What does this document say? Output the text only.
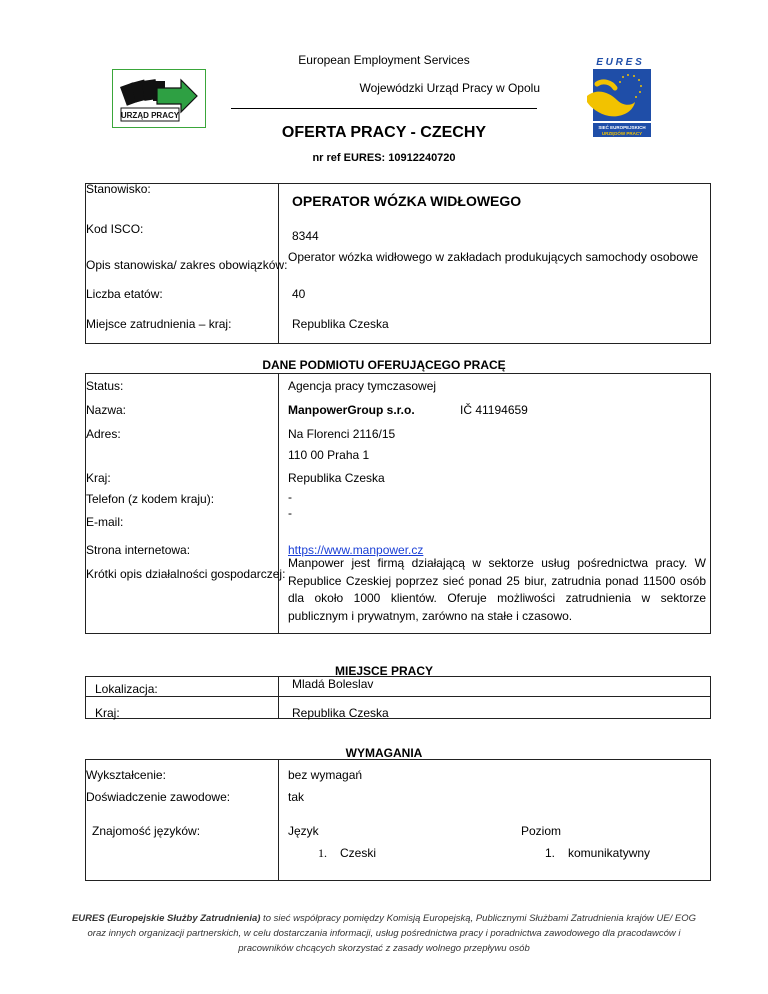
European Employment Services
Wojewódzki Urząd Pracy w Opolu
URZĄD PRACY
E U R E S
SIEĆ EUROPEJSKICH
URZĘDÓW PRACY
OFERTA PRACY - CZECHY
nr ref EURES: 10912240720
Stanowisko:
OPERATOR WÓZKA WIDŁOWEGO
Kod ISCO:	8344
Opis stanowiska/ zakres obowiązków:
Operator wózka widłowego w zakładach produkujących samochody osobowe
Liczba etatów:	40
Miejsce zatrudnienia – kraj:	Republika Czeska
DANE PODMIOTU OFERUJĄCEGO PRACĘ
Status:	Agencja pracy tymczasowej
Nazwa:	ManpowerGroup s.r.o.	IČ 41194659
Adres:	Na Florenci 2116/15
110 00 Praha 1
Kraj:	Republika Czeska
Telefon (z kodem kraju):	-
E-mail:
-
Strona internetowa:	https://www.manpower.cz
Krótki opis działalności gospodarczej:
Manpower jest firmą działającą w sektorze usług pośrednictwa pracy. W Republice Czeskiej poprzez sieć ponad 25 biur, zatrudnia ponad 11500 osób dla około 1000 klientów. Oferuje możliwości zatrudnienia w sektorze publicznym i prywatnym, zarówno na stałe i czasowo.
MIEJSCE PRACY
Lokalizacja:	Mladá Boleslav
Kraj:	Republika Czeska
WYMAGANIA
Wykształcenie:	bez wymagań
Doświadczenie zawodowe:	tak
Znajomość języków:	Język	Poziom
1. Czeski	1. komunikatywny
EURES (Europejskie Służby Zatrudnienia) to sieć współpracy pomiędzy Komisją Europejską, Publicznymi Służbami Zatrudnienia krajów UE/ EOG
oraz innych organizacji partnerskich, w celu dostarczania informacji, usług pośrednictwa pracy i poradnictwa zawodowego dla pracodawców i
pracowników chcących skorzystać z zasady wolnego przepływu osób
